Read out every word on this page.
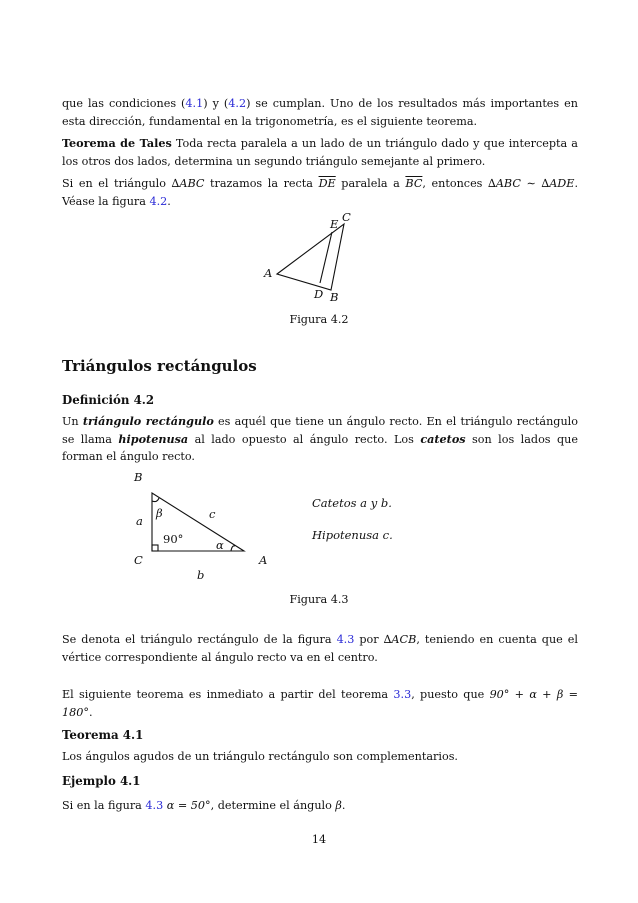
que las condiciones (4.1) y (4.2) se cumplan. Uno de los resultados más importantes en esta dirección, fundamental en la trigonometría, es el siguiente teorema.
Teorema de Tales Toda recta paralela a un lado de un triángulo dado y que intercepta a los otros dos lados, determina un segundo triángulo semejante al primero.
Si en el triángulo ∆ABC trazamos la recta $\overline{DE}$ paralela a $\overline{BC}$, entonces ∆ABC ∼ ∆ADE. Véase la figura 4.2.
A
C
E
D B
Figura 4.2
Triángulos rectángulos
Definición 4.2
Un triángulo rectángulo es aquél que tiene un ángulo recto. En el triángulo rectángulo se llama hipotenusa al lado opuesto al ángulo recto. Los catetos son los lados que forman el ángulo recto.
B
C	A
a
b
c
β
α
90°
Catetos a y b.
Hipotenusa c.
Figura 4.3
Se denota el triángulo rectángulo de la figura 4.3 por ∆ACB, teniendo en cuenta que el vértice correspondiente al ángulo recto va en el centro.
El siguiente teorema es inmediato a partir del teorema 3.3, puesto que 90° + α + β = 180°.
Teorema 4.1
Los ángulos agudos de un triángulo rectángulo son complementarios.
Ejemplo 4.1
Si en la figura 4.3 α = 50°, determine el ángulo β.
14
